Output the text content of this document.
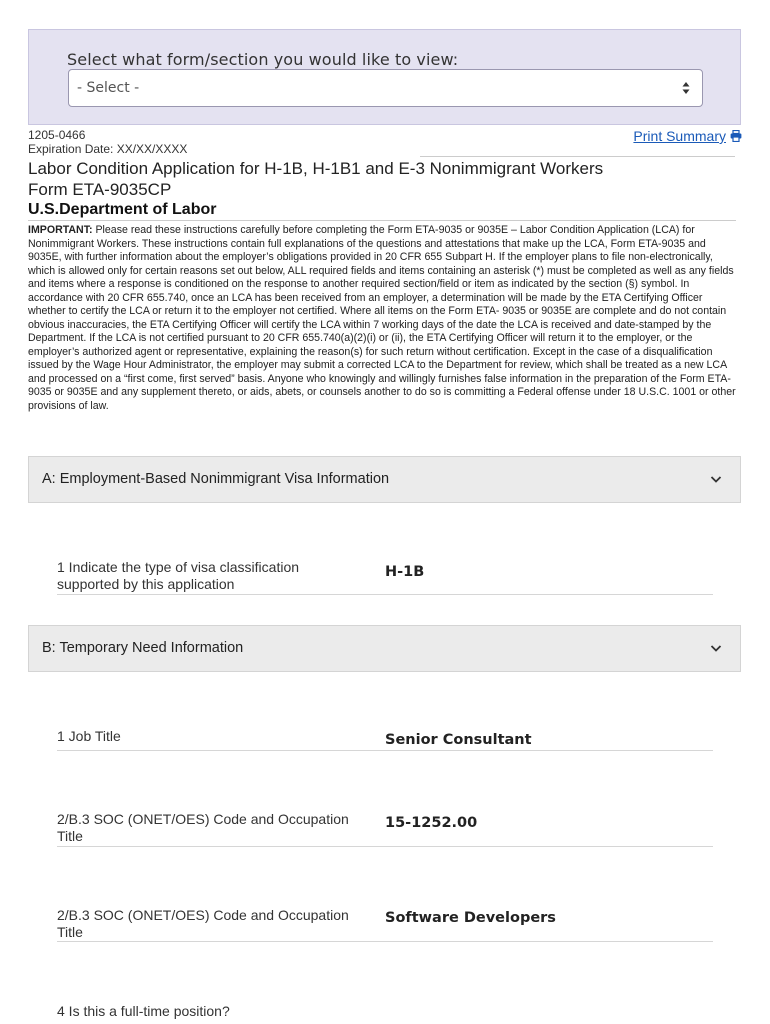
Select what form/section you would like to view:
- Select -
1205-0466
Expiration Date: XX/XX/XXXX
Print Summary
Labor Condition Application for H-1B, H-1B1 and E-3 Nonimmigrant Workers
Form ETA-9035CP
U.S.Department of Labor
IMPORTANT: Please read these instructions carefully before completing the Form ETA-9035 or 9035E – Labor Condition Application (LCA) for Nonimmigrant Workers. These instructions contain full explanations of the questions and attestations that make up the LCA, Form ETA-9035 and 9035E, with further information about the employer’s obligations provided in 20 CFR 655 Subpart H. If the employer plans to file non-electronically, which is allowed only for certain reasons set out below, ALL required fields and items containing an asterisk (*) must be completed as well as any fields and items where a response is conditioned on the response to another required section/field or item as indicated by the section (§) symbol. In accordance with 20 CFR 655.740, once an LCA has been received from an employer, a determination will be made by the ETA Certifying Officer whether to certify the LCA or return it to the employer not certified. Where all items on the Form ETA- 9035 or 9035E are complete and do not contain obvious inaccuracies, the ETA Certifying Officer will certify the LCA within 7 working days of the date the LCA is received and date-stamped by the Department. If the LCA is not certified pursuant to 20 CFR 655.740(a)(2)(i) or (ii), the ETA Certifying Officer will return it to the employer, or the employer’s authorized agent or representative, explaining the reason(s) for such return without certification. Except in the case of a disqualification issued by the Wage Hour Administrator, the employer may submit a corrected LCA to the Department for review, which shall be treated as a new LCA and processed on a “first come, first served” basis. Anyone who knowingly and willingly furnishes false information in the preparation of the Form ETA- 9035 or 9035E and any supplement thereto, or aids, abets, or counsels another to do so is committing a Federal offense under 18 U.S.C. 1001 or other provisions of law.
A: Employment-Based Nonimmigrant Visa Information
1 Indicate the type of visa classification supported by this application
H-1B
B: Temporary Need Information
1 Job Title	Senior Consultant
2/B.3 SOC (ONET/OES) Code and Occupation Title
15-1252.00
2/B.3 SOC (ONET/OES) Code and Occupation Title
Software Developers
4 Is this a full-time position?
